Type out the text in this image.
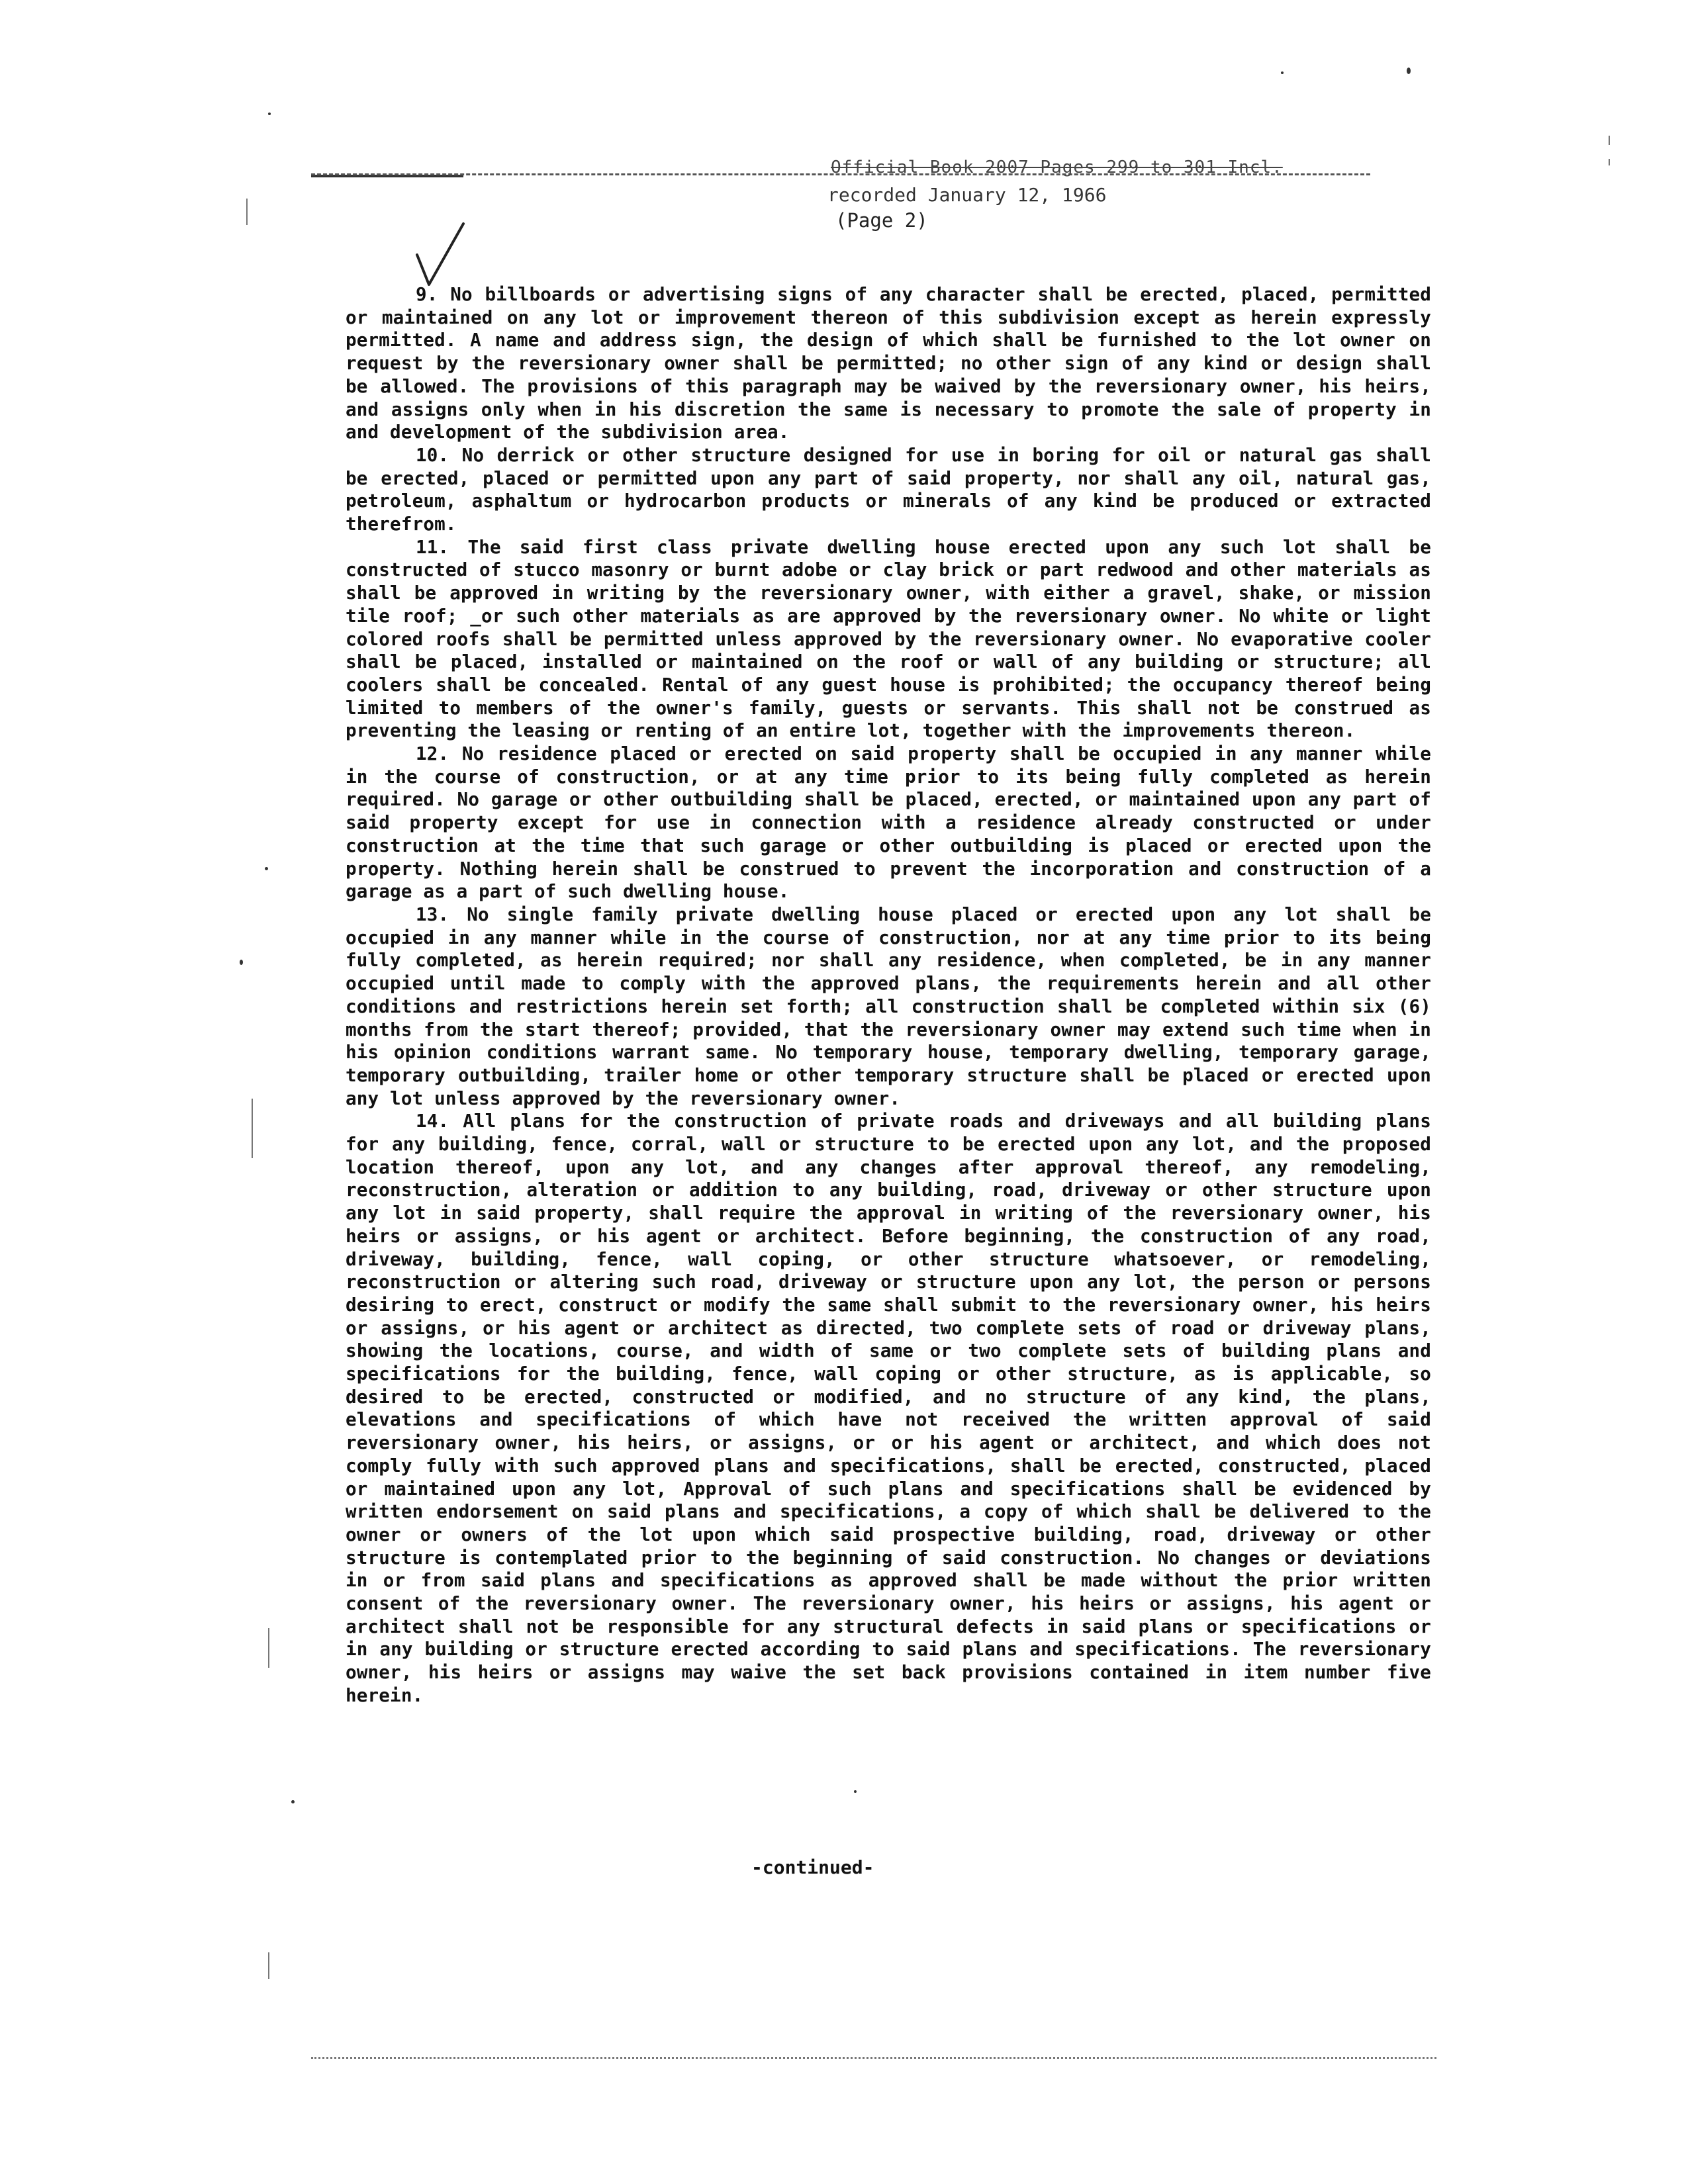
Official Book 2007 Pages 299 to 301 Incl.
recorded January 12, 1966
(Page 2)

9. No billboards or advertising signs of any character shall be erected, placed, permitted or maintained on any lot or improvement thereon of this subdivision except as herein expressly permitted. A name and address sign, the design of which shall be furnished to the lot owner on request by the reversionary owner shall be permitted; no other sign of any kind or design shall be allowed. The provisions of this paragraph may be waived by the reversionary owner, his heirs, and assigns only when in his discretion the same is necessary to promote the sale of property in and development of the subdivision area.

10. No derrick or other structure designed for use in boring for oil or natural gas shall be erected, placed or permitted upon any part of said property, nor shall any oil, natural gas, petroleum, asphaltum or hydrocarbon products or minerals of any kind be produced or extracted therefrom.

11. The said first class private dwelling house erected upon any such lot shall be constructed of stucco masonry or burnt adobe or clay brick or part redwood and other materials as shall be approved in writing by the reversionary owner, with either a gravel, shake, or mission tile roof; _or such other materials as are approved by the reversionary owner. No white or light colored roofs shall be permitted unless approved by the reversionary owner. No evaporative cooler shall be placed, installed or maintained on the roof or wall of any building or structure; all coolers shall be concealed. Rental of any guest house is prohibited; the occupancy thereof being limited to members of the owner's family, guests or servants. This shall not be construed as preventing the leasing or renting of an entire lot, together with the improvements thereon.

12. No residence placed or erected on said property shall be occupied in any manner while in the course of construction, or at any time prior to its being fully completed as herein required. No garage or other outbuilding shall be placed, erected, or maintained upon any part of said property except for use in connection with a residence already constructed or under construction at the time that such garage or other outbuilding is placed or erected upon the property. Nothing herein shall be construed to prevent the incorporation and construction of a garage as a part of such dwelling house.

13. No single family private dwelling house placed or erected upon any lot shall be occupied in any manner while in the course of construction, nor at any time prior to its being fully completed, as herein required; nor shall any residence, when completed, be in any manner occupied until made to comply with the approved plans, the requirements herein and all other conditions and restrictions herein set forth; all construction shall be completed within six (6) months from the start thereof; provided, that the reversionary owner may extend such time when in his opinion conditions warrant same. No temporary house, temporary dwelling, temporary garage, temporary outbuilding, trailer home or other temporary structure shall be placed or erected upon any lot unless approved by the reversionary owner.

14. All plans for the construction of private roads and driveways and all building plans for any building, fence, corral, wall or structure to be erected upon any lot, and the proposed location thereof, upon any lot, and any changes after approval thereof, any remodeling, reconstruction, alteration or addition to any building, road, driveway or other structure upon any lot in said property, shall require the approval in writing of the reversionary owner, his heirs or assigns, or his agent or architect. Before beginning, the construction of any road, driveway, building, fence, wall coping, or other structure whatsoever, or remodeling, reconstruction or altering such road, driveway or structure upon any lot, the person or persons desiring to erect, construct or modify the same shall submit to the reversionary owner, his heirs or assigns, or his agent or architect as directed, two complete sets of road or driveway plans, showing the locations, course, and width of same or two complete sets of building plans and specifications for the building, fence, wall coping or other structure, as is applicable, so desired to be erected, constructed or modified, and no structure of any kind, the plans, elevations and specifications of which have not received the written approval of said reversionary owner, his heirs, or assigns, or or his agent or architect, and which does not comply fully with such approved plans and specifications, shall be erected, constructed, placed or maintained upon any lot, Approval of such plans and specifications shall be evidenced by written endorsement on said plans and specifications, a copy of which shall be delivered to the owner or owners of the lot upon which said prospective building, road, driveway or other structure is contemplated prior to the beginning of said construction. No changes or deviations in or from said plans and specifications as approved shall be made without the prior written consent of the reversionary owner. The reversionary owner, his heirs or assigns, his agent or architect shall not be responsible for any structural defects in said plans or specifications or in any building or structure erected according to said plans and specifications. The reversionary owner, his heirs or assigns may waive the set back provisions contained in item number five herein.

-continued-
